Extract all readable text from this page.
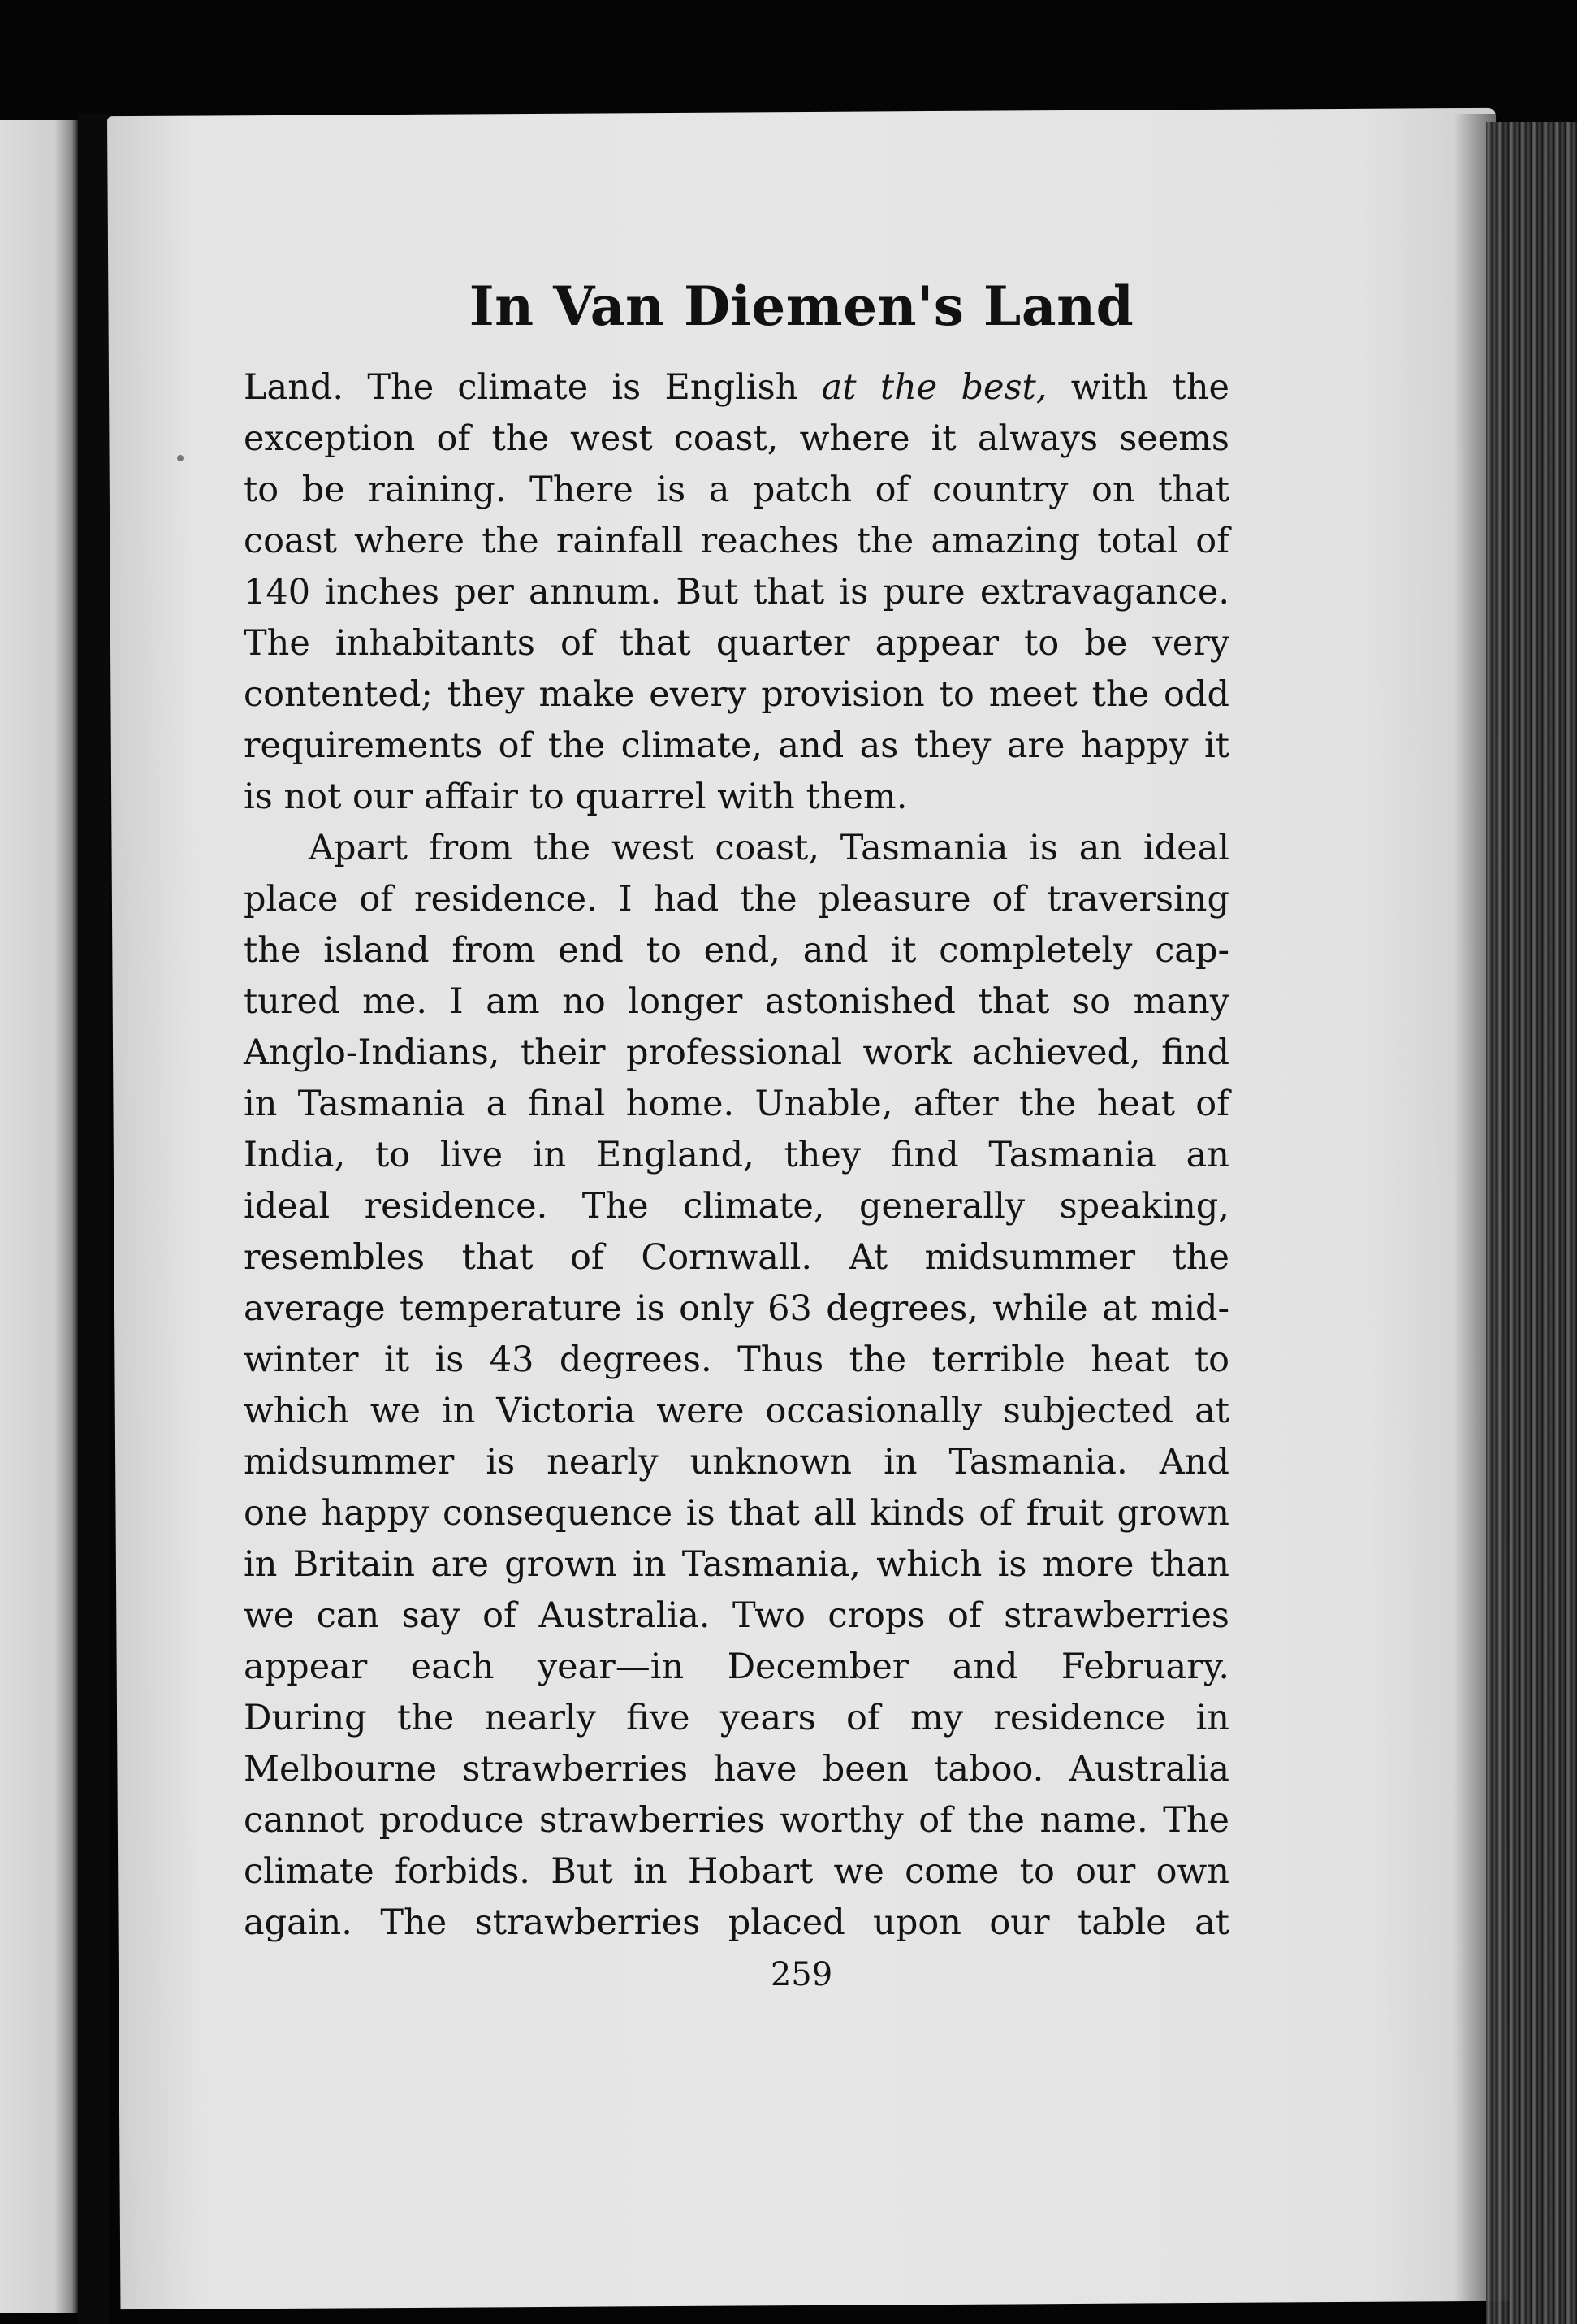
In Van Diemen's Land

Land. The climate is English at the best, with the
exception of the west coast, where it always seems
to be raining. There is a patch of country on that
coast where the rainfall reaches the amazing total of
140 inches per annum. But that is pure extravagance.
The inhabitants of that quarter appear to be very
contented; they make every provision to meet the odd
requirements of the climate, and as they are happy it
is not our affair to quarrel with them.

Apart from the west coast, Tasmania is an ideal
place of residence. I had the pleasure of traversing
the island from end to end, and it completely cap-
tured me. I am no longer astonished that so many
Anglo-Indians, their professional work achieved, find
in Tasmania a final home. Unable, after the heat of
India, to live in England, they find Tasmania an
ideal residence. The climate, generally speaking,
resembles that of Cornwall. At midsummer the
average temperature is only 63 degrees, while at mid-
winter it is 43 degrees. Thus the terrible heat to
which we in Victoria were occasionally subjected at
midsummer is nearly unknown in Tasmania. And
one happy consequence is that all kinds of fruit grown
in Britain are grown in Tasmania, which is more than
we can say of Australia. Two crops of strawberries
appear each year—in December and February.
During the nearly five years of my residence in
Melbourne strawberries have been taboo. Australia
cannot produce strawberries worthy of the name. The
climate forbids. But in Hobart we come to our own
again. The strawberries placed upon our table at

259
